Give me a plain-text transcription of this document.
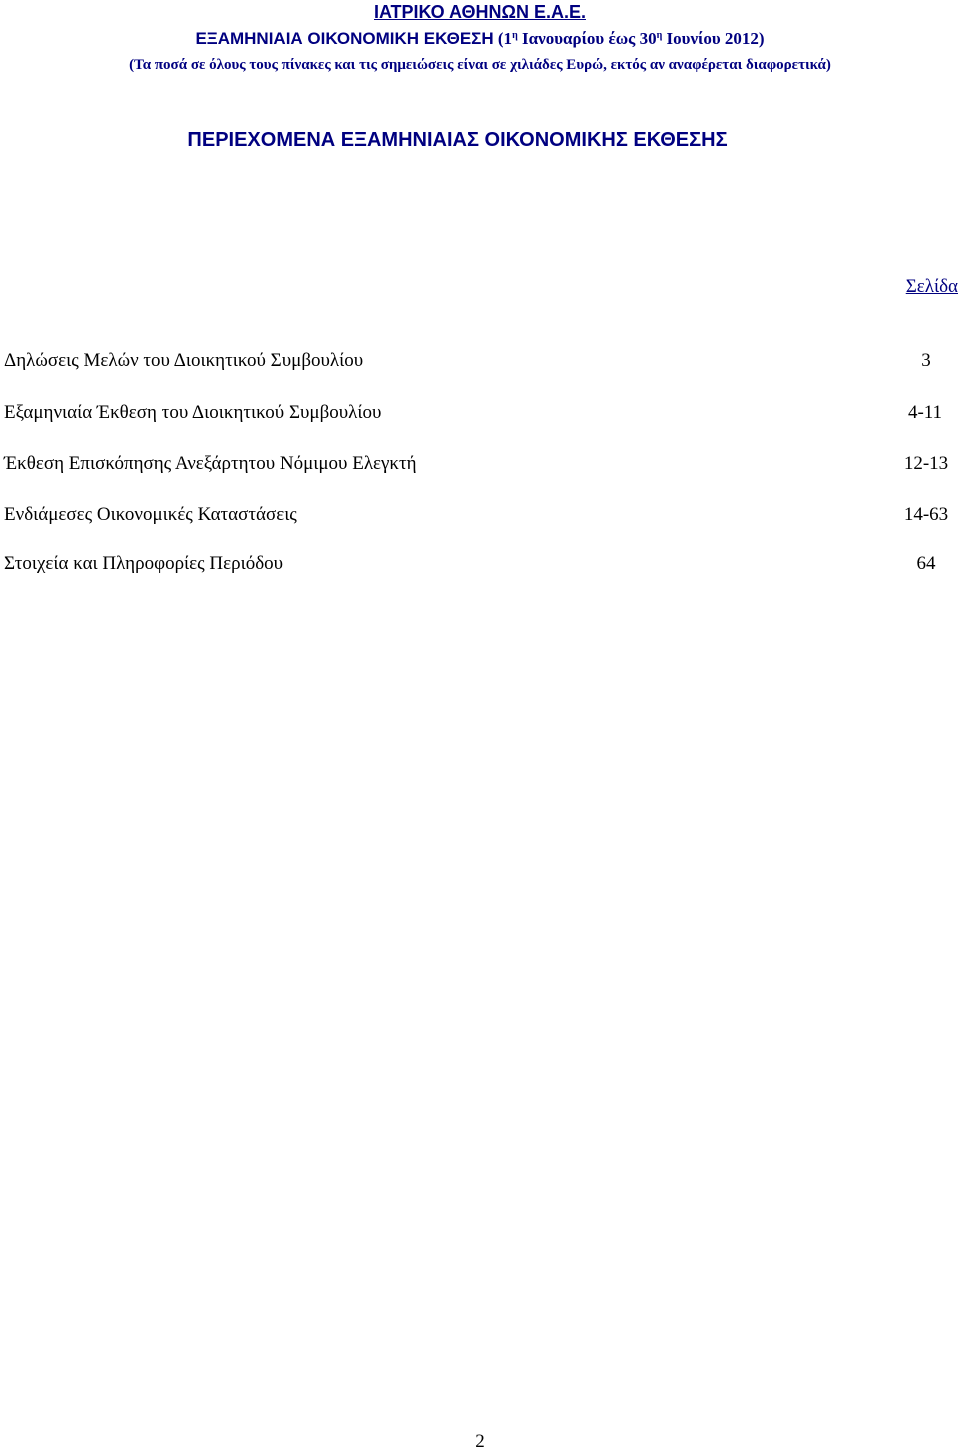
ΙΑΤΡΙΚΟ ΑΘΗΝΩΝ Ε.Α.Ε.
ΕΞΑΜΗΝΙΑΙΑ ΟΙΚΟΝΟΜΙΚΗ ΕΚΘΕΣΗ ($1^\eta$ Ιανουαρίου έως $30^\eta$ Ιουνίου 2012)
(Τα ποσά σε όλους τους πίνακες και τις σημειώσεις είναι σε χιλιάδες Ευρώ, εκτός αν αναφέρεται διαφορετικά)
ΠΕΡΙΕΧΟΜΕΝΑ ΕΞΑΜΗΝΙΑΙΑΣ ΟΙΚΟΝΟΜΙΚΗΣ ΕΚΘΕΣΗΣ
Σελίδα
Δηλώσεις Μελών του Διοικητικού Συμβουλίου	3
Εξαμηνιαία Έκθεση του Διοικητικού Συμβουλίου	4-11
Έκθεση Επισκόπησης Ανεξάρτητου Νόμιμου Ελεγκτή	12-13
Ενδιάμεσες Οικονομικές Καταστάσεις	14-63
Στοιχεία και Πληροφορίες Περιόδου	64
2
